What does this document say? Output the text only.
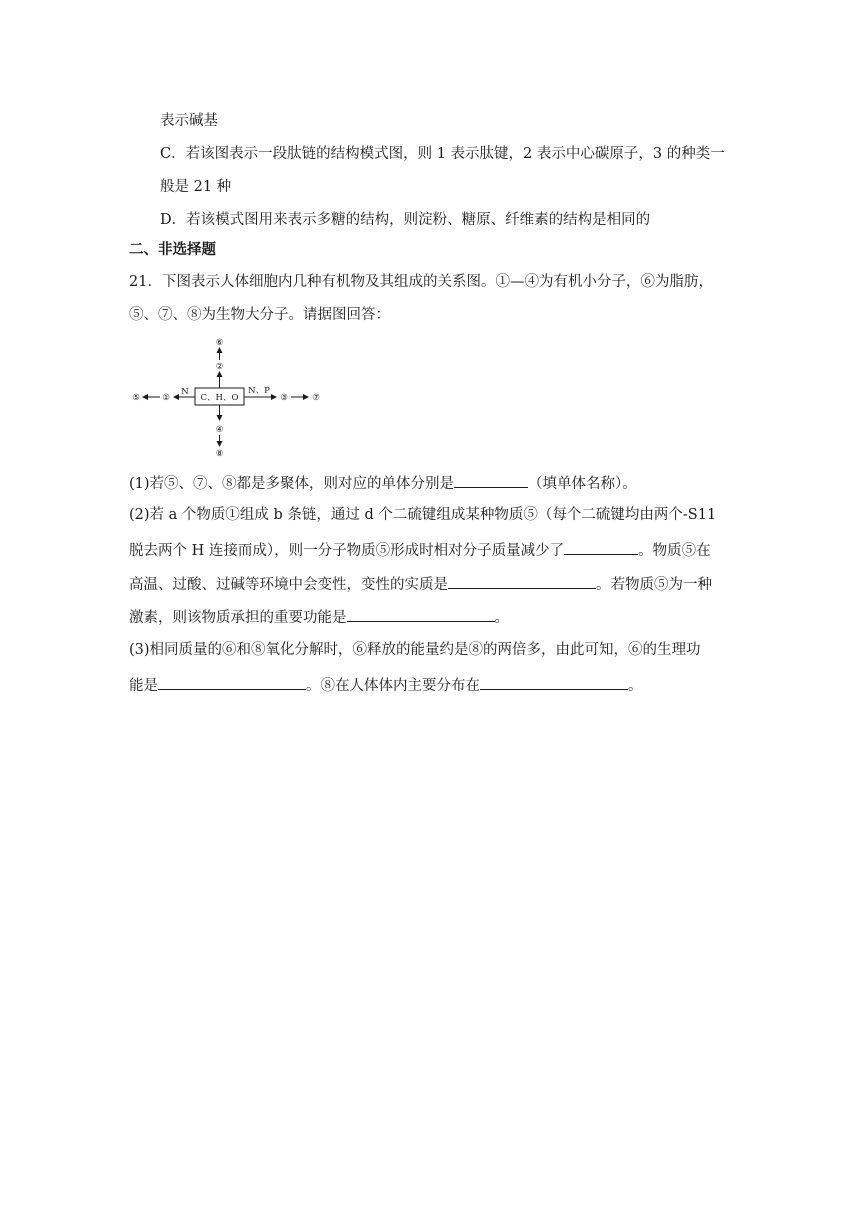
表示碱基
C．若该图表示一段肽链的结构模式图，则 1 表示肽键，2 表示中心碳原子，3 的种类一
般是 21 种
D．若该模式图用来表示多糖的结构，则淀粉、糖原、纤维素的结构是相同的
二、非选择题
21．下图表示人体细胞内几种有机物及其组成的关系图。①—④为有机小分子，⑥为脂肪，
⑤、⑦、⑧为生物大分子。请据图回答：
C、H、O
②
⑥
N
①
⑤
N、P
③	⑦
④
⑧
(1)若⑤、⑦、⑧都是多聚体，则对应的单体分别是	（填单体名称）。
(2)若 a 个物质①组成 b 条链，通过 d 个二硫键组成某种物质⑤（每个二硫键均由两个-S11
脱去两个 H 连接而成），则一分子物质⑤形成时相对分子质量减少了	。物质⑤在
高温、过酸、过碱等环境中会变性，变性的实质是	。若物质⑤为一种
激素，则该物质承担的重要功能是	。
(3)相同质量的⑥和⑧氧化分解时，⑥释放的能量约是⑧的两倍多，由此可知，⑥的生理功
能是	。⑧在人体体内主要分布在	。
